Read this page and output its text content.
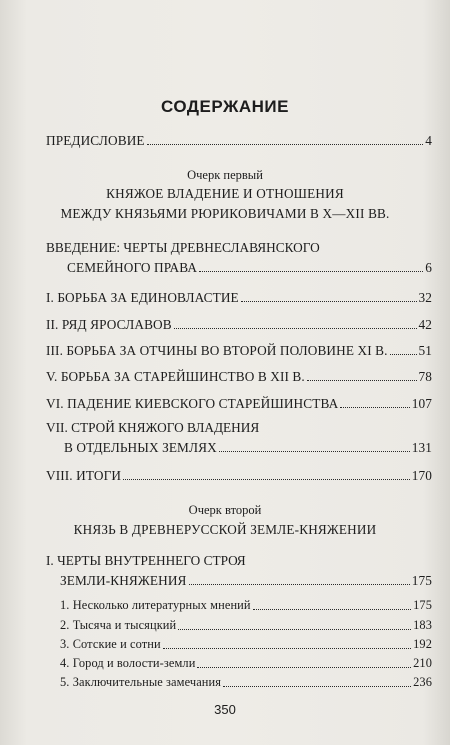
СОДЕРЖАНИЕ
ПРЕДИСЛОВИЕ	4
Очерк первый
КНЯЖОЕ ВЛАДЕНИЕ И ОТНОШЕНИЯ
МЕЖДУ КНЯЗЬЯМИ РЮРИКОВИЧАМИ В X—XII ВВ.
ВВЕДЕНИЕ: ЧЕРТЫ ДРЕВНЕСЛАВЯНСКОГО
СЕМЕЙНОГО ПРАВА	6
I. БОРЬБА ЗА ЕДИНОВЛАСТИЕ	32
II. РЯД ЯРОСЛАВОВ	42
III. БОРЬБА ЗА ОТЧИНЫ ВО ВТОРОЙ ПОЛОВИНЕ XI В. 51
V. БОРЬБА ЗА СТАРЕЙШИНСТВО В XII В.	78
VI. ПАДЕНИЕ КИЕВСКОГО СТАРЕЙШИНСТВА	107
VII. СТРОЙ КНЯЖОГО ВЛАДЕНИЯ
В ОТДЕЛЬНЫХ ЗЕМЛЯХ	131
VIII. ИТОГИ	170
Очерк второй
КНЯЗЬ В ДРЕВНЕРУССКОЙ ЗЕМЛЕ-КНЯЖЕНИИ
I. ЧЕРТЫ ВНУТРЕННЕГО СТРОЯ
ЗЕМЛИ-КНЯЖЕНИЯ	175
1. Несколько литературных мнений	175
2. Тысяча и тысяцкий	183
3. Сотские и сотни	192
4. Город и волости-земли	210
5. Заключительные замечания	236
350
